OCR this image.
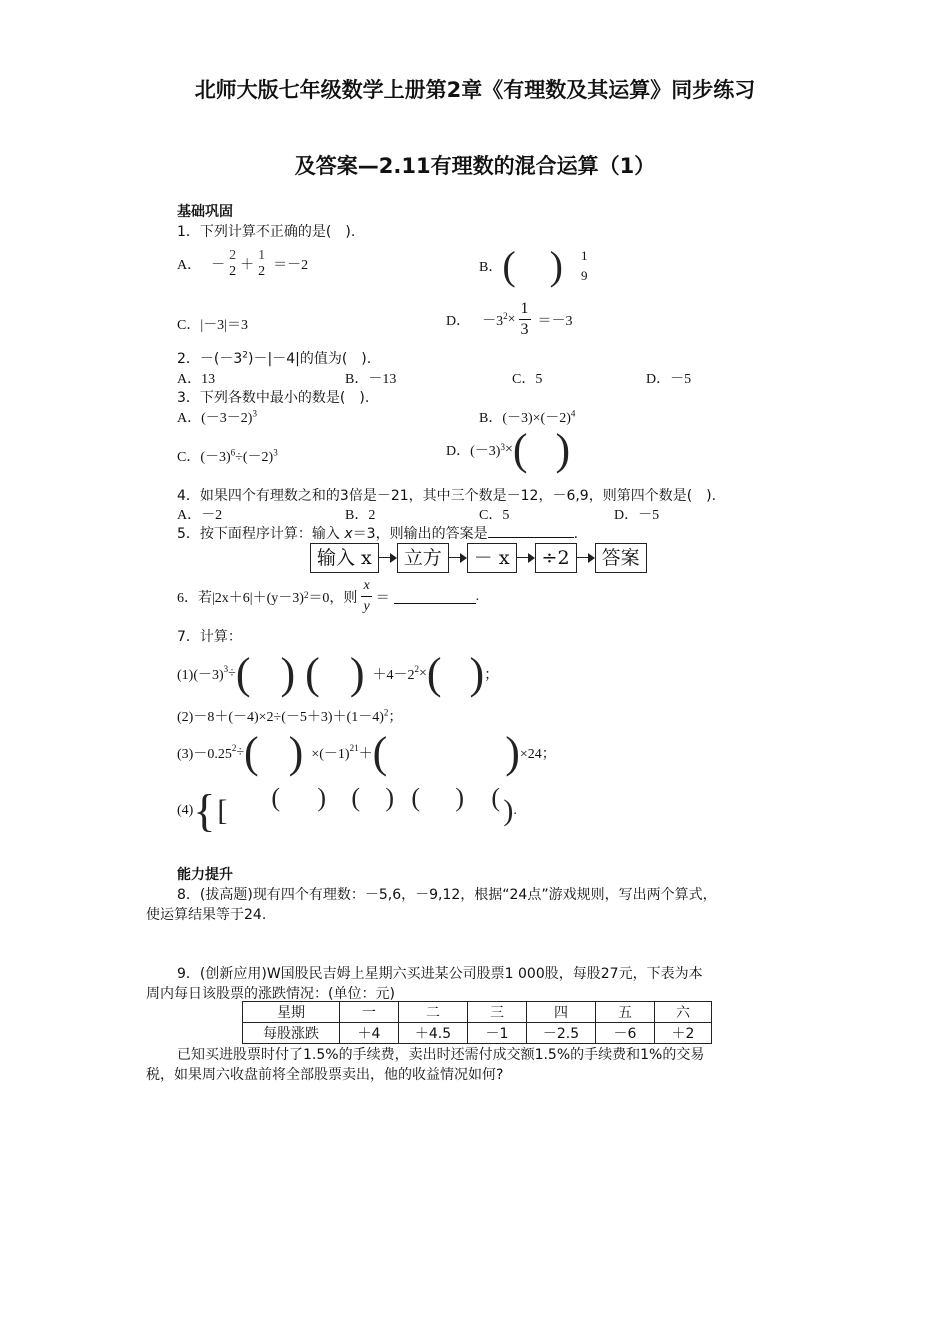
北师大版七年级数学上册第2章《有理数及其运算》同步练习
及答案—2.11有理数的混合运算（1）
基础巩固
1．下列计算不正确的是(　).
A． －
2
2 ＋
1
2 ＝－2	B． ( ) 1
9
C．|－3|＝3	D． $-3^2 \times \frac{1}{3} =-3$
2．$-(-3^2)-|-4|$的值为(　).
A．13	B．－13	C．5	D．－5
3．下列各数中最小的数是(　).
A．$(-3-2)^3$	B．$(-3)\times(-2)^4$
C．$(-3)^6\div(-2)^3$	D．$(-3)^3$ × ( )
4．如果四个有理数之和的3倍是－21，其中三个数是－12，－6,9，则第四个数是(　).
A．－2	B．2	C．5	D．－5
5．按下面程序计算：输入 x＝3，则输出的答案是	.
输入 x	立方	－ x	÷2	答案
6．若|2x＋6|＋(y－3) 2 ＝0，则 $\frac{x}{y}$ ＝	.
7．计算：
$(1)(-3)^3$ ÷ ( ) ( ) $+4-2^2$ × ( ) ；
$(2)-8+(-4)\times 2\div(-5+3)+(1-4)^2$；
$(3)-0.25^2$ ÷ ( ) $\times(-1)^{21}$ ＋ (	) ×24；
(4) { [ ( ) ( ) ( ) ( ) .
能力提升
8．(拔高题)现有四个有理数：－5,6，－9,12，根据“24点”游戏规则，写出两个算式，
使运算结果等于24.
9．(创新应用)W国股民吉姆上星期六买进某公司股票1 000股，每股27元，下表为本
周内每日该股票的涨跌情况：(单位：元)
星期	一	二	三	四	五	六
每股涨跌	＋4	＋4.5	－1	－2.5	－6	＋2
已知买进股票时付了1.5%的手续费，卖出时还需付成交额1.5%的手续费和1%的交易
税，如果周六收盘前将全部股票卖出，他的收益情况如何?
